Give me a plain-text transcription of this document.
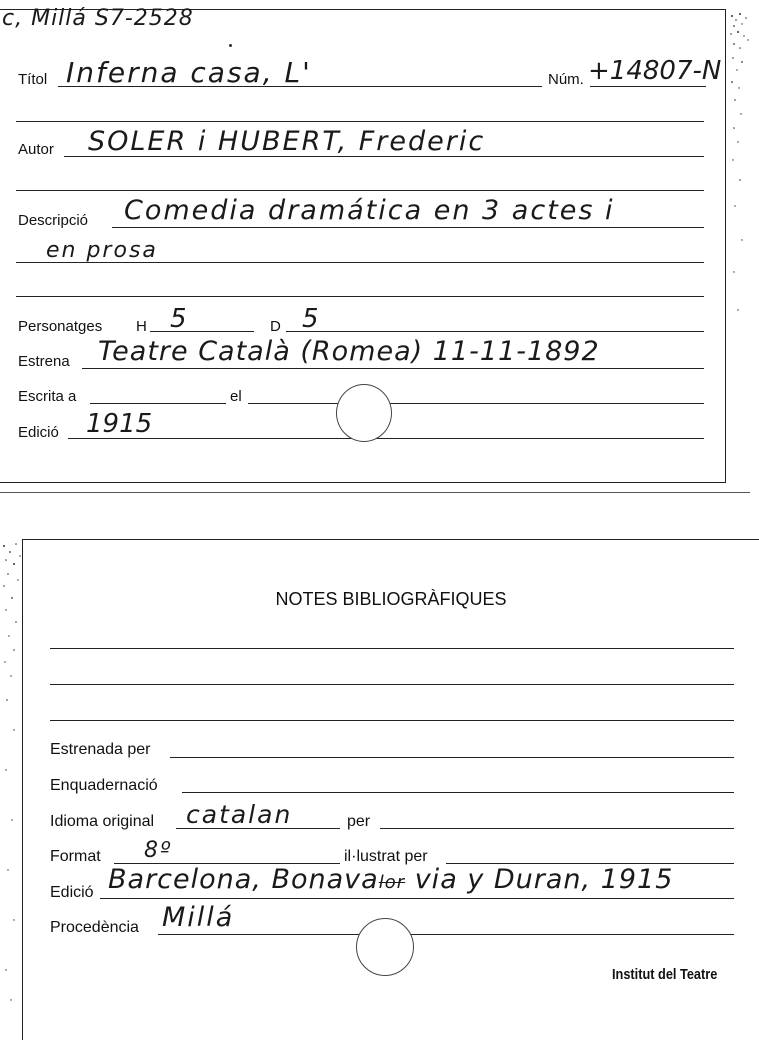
c, Millá S7-2528
Títol Inferna casa, L'	Núm. +14807-N
Autor SOLER i HUBERT, Frederic
Descripció Comedia dramática en 3 actes i
en prosa
Personatges H 5	D 5
Estrena Teatre Català (Romea) 11-11-1892
Escrita a	el
Edició 1915
NOTES BIBLIOGRÀFIQUES
Estrenada per
Enquadernació
Idioma original catalan	per
Format 8º	il·lustrat per
Edició Barcelona, Bonavalor via y Duran, 1915
Procedència Millá
Institut del Teatre
